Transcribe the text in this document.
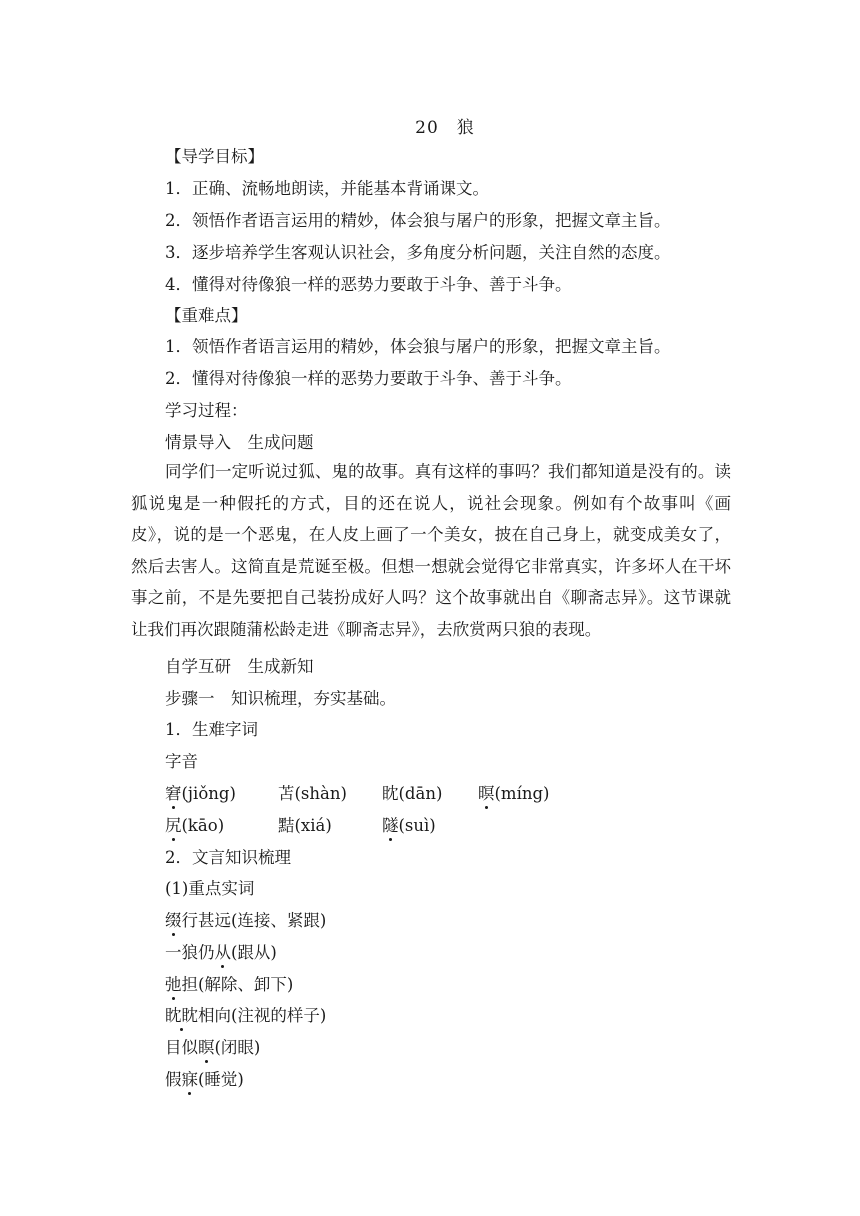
20　狼
【导学目标】
1．正确、流畅地朗读，并能基本背诵课文。
2．领悟作者语言运用的精妙，体会狼与屠户的形象，把握文章主旨。
3．逐步培养学生客观认识社会，多角度分析问题，关注自然的态度。
4．懂得对待像狼一样的恶势力要敢于斗争、善于斗争。
【重难点】
1．领悟作者语言运用的精妙，体会狼与屠户的形象，把握文章主旨。
2．懂得对待像狼一样的恶势力要敢于斗争、善于斗争。
学习过程：
情景导入　生成问题
同学们一定听说过狐、鬼的故事。真有这样的事吗？我们都知道是没有的。读狐说鬼是一种假托的方式，目的还在说人，说社会现象。例如有个故事叫《画皮》，说的是一个恶鬼，在人皮上画了一个美女，披在自己身上，就变成美女了，然后去害人。这简直是荒诞至极。但想一想就会觉得它非常真实，许多坏人在干坏事之前，不是先要把自己装扮成好人吗？这个故事就出自《聊斋志异》。这节课就让我们再次跟随蒲松龄走进《聊斋志异》，去欣赏两只狼的表现。
自学互研　生成新知
步骤一　知识梳理，夯实基础。
1．生难字词
字音
窘(jiǒng)	苫(shàn) 眈(dān) 暝(míng)
尻(kāo)	黠(xiá)	隧(suì)
2．文言知识梳理
(1)重点实词
缀行甚远(连接、紧跟)
一狼仍从(跟从)
弛担(解除、卸下)
眈眈相向(注视的样子)
目似瞑(闭眼)
假寐(睡觉)
